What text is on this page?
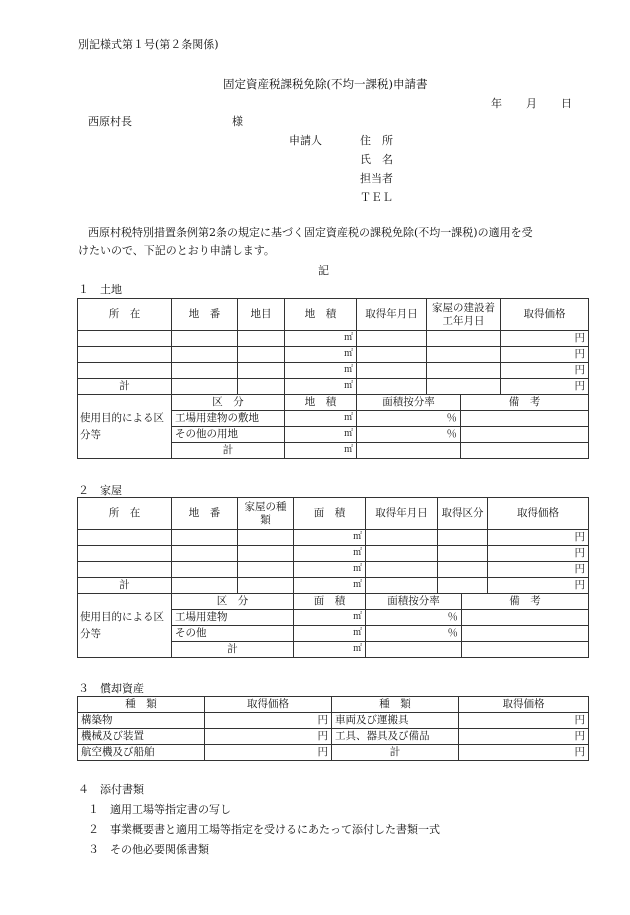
別記様式第１号(第２条関係)
固定資産税課税免除(不均一課税)申請書
年 月 日
西原村長	様
申請人	住　所
氏　名
担当者
ＴＥＬ
西原村税特別措置条例第2条の規定に基づく固定資産税の課税免除(不均一課税)の適用を受
けたいので、下記のとおり申請します。
記
１　土地
所　在	地　番	地目	地　積	取得年月日	家屋の建設着工年月日	取得価格
			㎡			円
			㎡			円
			㎡			円
計			㎡			円
使用目的による区分等	区　分	地　積	面積按分率	備　考
	工場用建物の敷地	㎡	％	
	その他の用地	㎡	％	
	計	㎡		
２　家屋
所　在	地　番	家屋の種　類	面　積	取得年月日	取得区分	取得価格
			㎡			円
			㎡			円
			㎡			円
計			㎡			円
使用目的による区分等	区　分	面　積	面積按分率	備　考
	工場用建物	㎡	％	
	その他	㎡	％	
	計	㎡		
３　償却資産
種　類	取得価格	種　類	取得価格
構築物	円	車両及び運搬具	円
機械及び装置	円	工具、器具及び備品	円
航空機及び船舶	円	計	円
４　添付書類
１　適用工場等指定書の写し
２　事業概要書と適用工場等指定を受けるにあたって添付した書類一式
３　その他必要関係書類
